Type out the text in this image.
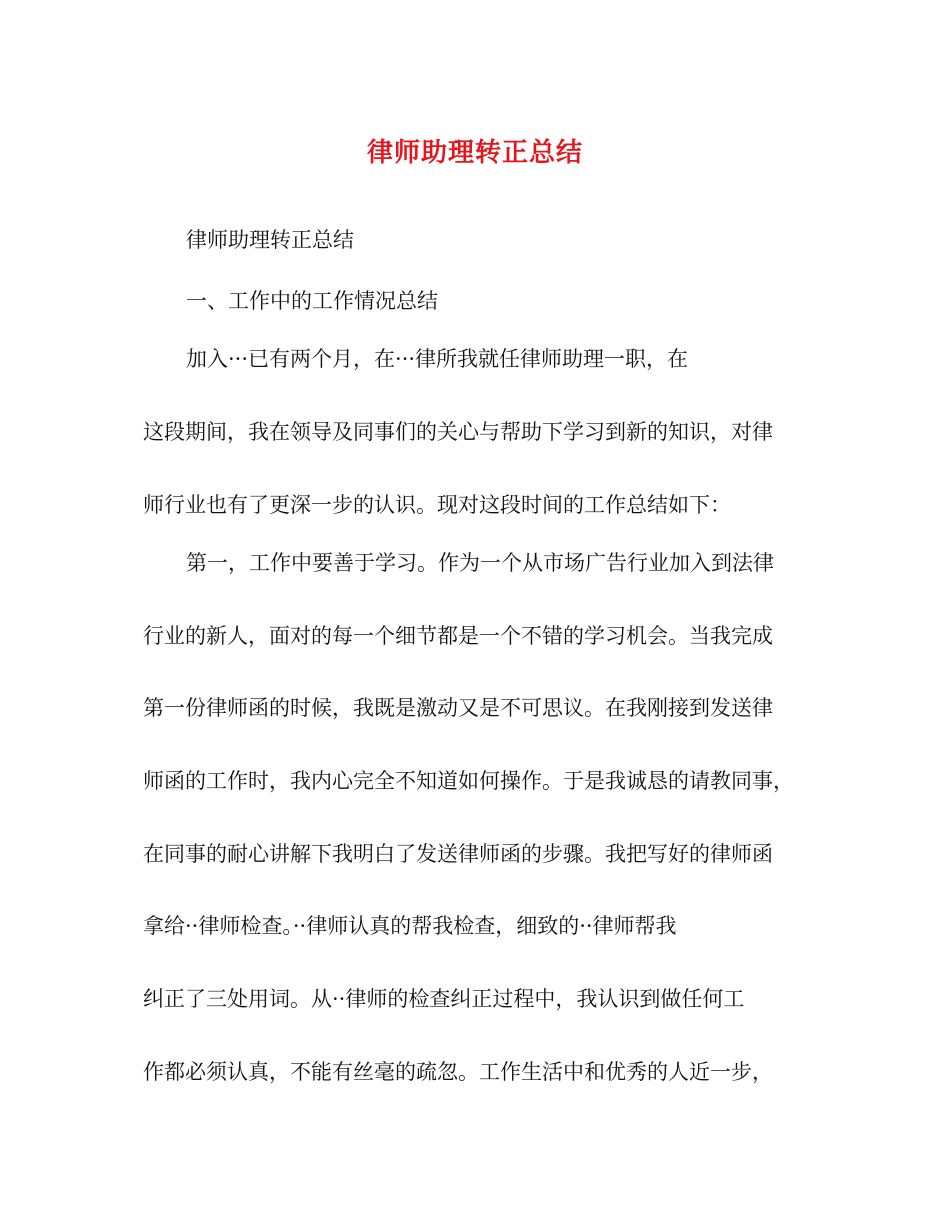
律师助理转正总结
律师助理转正总结
一、工作中的工作情况总结
加入···已有两个月，在···律所我就任律师助理一职，在
这段期间，我在领导及同事们的关心与帮助下学习到新的知识，对律
师行业也有了更深一步的认识。现对这段时间的工作总结如下：
第一，工作中要善于学习。作为一个从市场广告行业加入到法律
行业的新人，面对的每一个细节都是一个不错的学习机会。当我完成
第一份律师函的时候，我既是激动又是不可思议。在我刚接到发送律
师函的工作时，我内心完全不知道如何操作。于是我诚恳的请教同事，
在同事的耐心讲解下我明白了发送律师函的步骤。我把写好的律师函
拿给··律师检查。··律师认真的帮我检查，细致的··律师帮我
纠正了三处用词。从··律师的检查纠正过程中，我认识到做任何工
作都必须认真，不能有丝毫的疏忽。工作生活中和优秀的人近一步，
